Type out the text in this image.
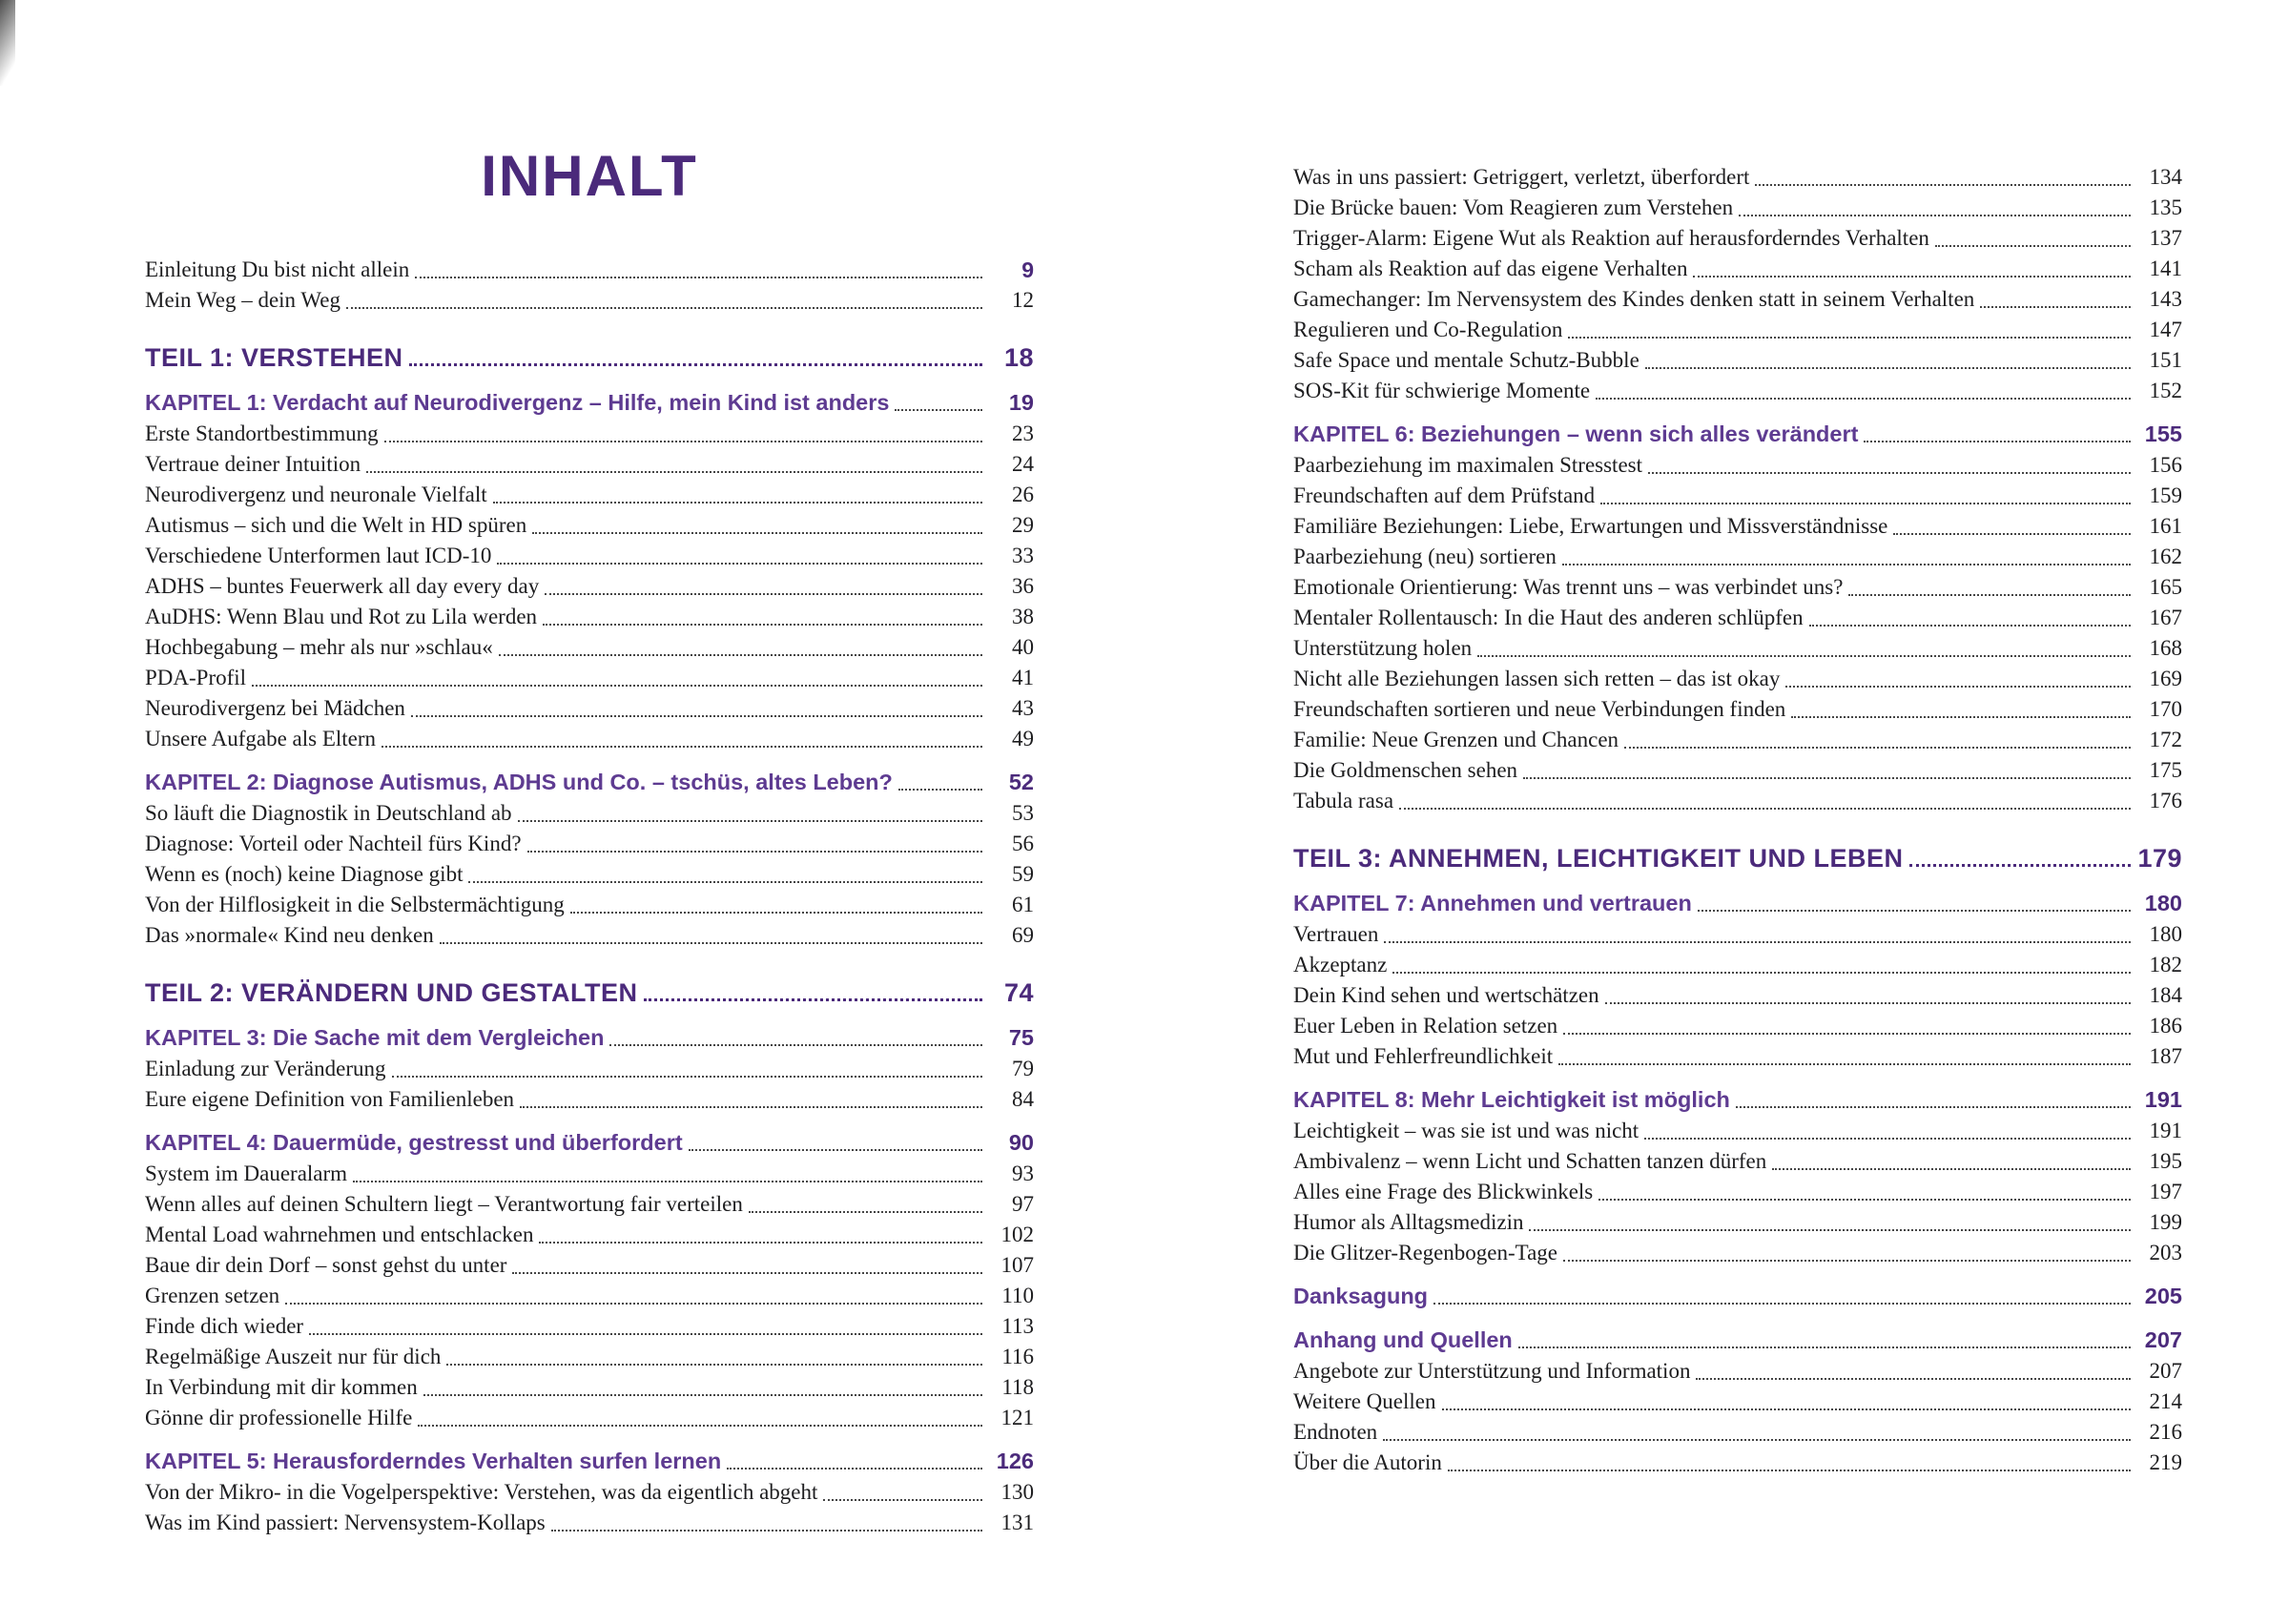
INHALT
Einleitung Du bist nicht allein	9
Mein Weg – dein Weg	12
TEIL 1: VERSTEHEN	18
KAPITEL 1: Verdacht auf Neurodivergenz – Hilfe, mein Kind ist anders	19
Erste Standortbestimmung	23
Vertraue deiner Intuition	24
Neurodivergenz und neuronale Vielfalt	26
Autismus – sich und die Welt in HD spüren	29
Verschiedene Unterformen laut ICD-10	33
ADHS – buntes Feuerwerk all day every day	36
AuDHS: Wenn Blau und Rot zu Lila werden	38
Hochbegabung – mehr als nur »schlau«	40
PDA-Profil	41
Neurodivergenz bei Mädchen	43
Unsere Aufgabe als Eltern	49
KAPITEL 2: Diagnose Autismus, ADHS und Co. – tschüs, altes Leben?	52
So läuft die Diagnostik in Deutschland ab	53
Diagnose: Vorteil oder Nachteil fürs Kind?	56
Wenn es (noch) keine Diagnose gibt	59
Von der Hilflosigkeit in die Selbstermächtigung	61
Das »normale« Kind neu denken	69
TEIL 2: VERÄNDERN UND GESTALTEN	74
KAPITEL 3: Die Sache mit dem Vergleichen	75
Einladung zur Veränderung	79
Eure eigene Definition von Familienleben	84
KAPITEL 4: Dauermüde, gestresst und überfordert	90
System im Daueralarm	93
Wenn alles auf deinen Schultern liegt – Verantwortung fair verteilen	97
Mental Load wahrnehmen und entschlacken	102
Baue dir dein Dorf – sonst gehst du unter	107
Grenzen setzen	110
Finde dich wieder	113
Regelmäßige Auszeit nur für dich	116
In Verbindung mit dir kommen	118
Gönne dir professionelle Hilfe	121
KAPITEL 5: Herausforderndes Verhalten surfen lernen	126
Von der Mikro- in die Vogelperspektive: Verstehen, was da eigentlich abgeht	130
Was im Kind passiert: Nervensystem-Kollaps	131
Was in uns passiert: Getriggert, verletzt, überfordert	134
Die Brücke bauen: Vom Reagieren zum Verstehen	135
Trigger-Alarm: Eigene Wut als Reaktion auf herausforderndes Verhalten	137
Scham als Reaktion auf das eigene Verhalten	141
Gamechanger: Im Nervensystem des Kindes denken statt in seinem Verhalten	143
Regulieren und Co-Regulation	147
Safe Space und mentale Schutz-Bubble	151
SOS-Kit für schwierige Momente	152
KAPITEL 6: Beziehungen – wenn sich alles verändert	155
Paarbeziehung im maximalen Stresstest	156
Freundschaften auf dem Prüfstand	159
Familiäre Beziehungen: Liebe, Erwartungen und Missverständnisse	161
Paarbeziehung (neu) sortieren	162
Emotionale Orientierung: Was trennt uns – was verbindet uns?	165
Mentaler Rollentausch: In die Haut des anderen schlüpfen	167
Unterstützung holen	168
Nicht alle Beziehungen lassen sich retten – das ist okay	169
Freundschaften sortieren und neue Verbindungen finden	170
Familie: Neue Grenzen und Chancen	172
Die Goldmenschen sehen	175
Tabula rasa	176
TEIL 3: ANNEHMEN, LEICHTIGKEIT UND LEBEN	179
KAPITEL 7: Annehmen und vertrauen	180
Vertrauen	180
Akzeptanz	182
Dein Kind sehen und wertschätzen	184
Euer Leben in Relation setzen	186
Mut und Fehlerfreundlichkeit	187
KAPITEL 8: Mehr Leichtigkeit ist möglich	191
Leichtigkeit – was sie ist und was nicht	191
Ambivalenz – wenn Licht und Schatten tanzen dürfen	195
Alles eine Frage des Blickwinkels	197
Humor als Alltagsmedizin	199
Die Glitzer-Regenbogen-Tage	203
Danksagung	205
Anhang und Quellen	207
Angebote zur Unterstützung und Information	207
Weitere Quellen	214
Endnoten	216
Über die Autorin	219
